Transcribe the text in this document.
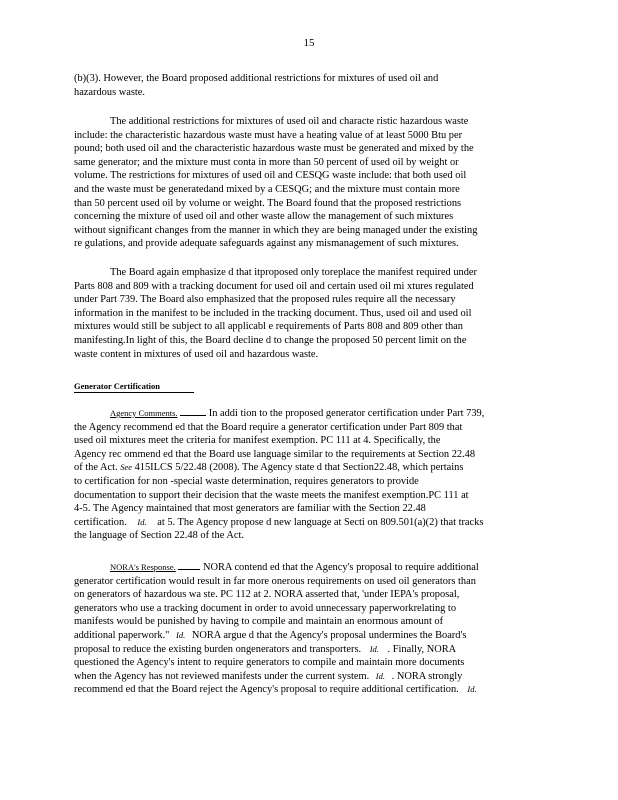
15
(b)(3). However, the Board proposed additional restrictions for mixtures of used oil and
hazardous waste.
The additional restrictions for mixtures of used oil and characte ristic hazardous waste
include: the characteristic hazardous waste must have a heating value of at least 5000 Btu per
pound; both used oil and the characteristic hazardous waste must be generated and mixed by the
same generator; and the mixture must conta in more than 50 percent of used oil by weight or
volume. The restrictions for mixtures of used oil and CESQG waste include: that both used oil
and the waste must be generatedand mixed by a CESQG; and the mixture must contain more
than 50 percent used oil by volume or weight. The Board found that the proposed restrictions
concerning the mixture of used oil and other waste allow the management of such mixtures
without significant changes from the manner in which they are being managed under the existing
re gulations, and provide adequate safeguards against any mismanagement of such mixtures.
The Board again emphasize d that itproposed only toreplace the manifest required under
Parts 808 and 809 with a tracking document for used oil and certain used oil mi xtures regulated
under Part 739. The Board also emphasized that the proposed rules require all the necessary
information in the manifest to be included in the tracking document. Thus, used oil and used oil
mixtures would still be subject to all applicabl e requirements of Parts 808 and 809 other than
manifesting.In light of this, the Board decline d to change the proposed 50 percent limit on the
waste content in mixtures of used oil and hazardous waste.
Generator Certification
Agency Comments.	In addi tion to the proposed generator certification under Part 739,
the Agency recommend ed that the Board require a generator certification under Part 809 that
used oil mixtures meet the criteria for manifest exemption. PC 111 at 4. Specifically, the
Agency rec ommend ed that the Board use language similar to the requirements at Section 22.48
of the Act. See 415ILCS 5/22.48 (2008). The Agency state d that Section22.48, which pertains
to certification for non -special waste determination, requires generators to provide
documentation to support their decision that the waste meets the manifest exemption.PC 111 at
4-5. The Agency maintained that most generators are familiar with the Section 22.48
certification. Id. at 5. The Agency propose d new language at Secti on 809.501(a)(2) that tracks
the language of Section 22.48 of the Act.
NORA's Response.	NORA contend ed that the Agency's proposal to require additional
generator certification would result in far more onerous requirements on used oil generators than
on generators of hazardous wa ste. PC 112 at 2. NORA asserted that, 'under IEPA's proposal,
generators who use a tracking document in order to avoid unnecessary paperworkrelating to
manifests would be punished by having to compile and maintain an enormous amount of
additional paperwork." Id. NORA argue d that the Agency's proposal undermines the Board's
proposal to reduce the existing burden ongenerators and transporters. Id. . Finally, NORA
questioned the Agency's intent to require generators to compile and maintain more documents
when the Agency has not reviewed manifests under the current system. Id. . NORA strongly
recommend ed that the Board reject the Agency's proposal to require additional certification. Id.
